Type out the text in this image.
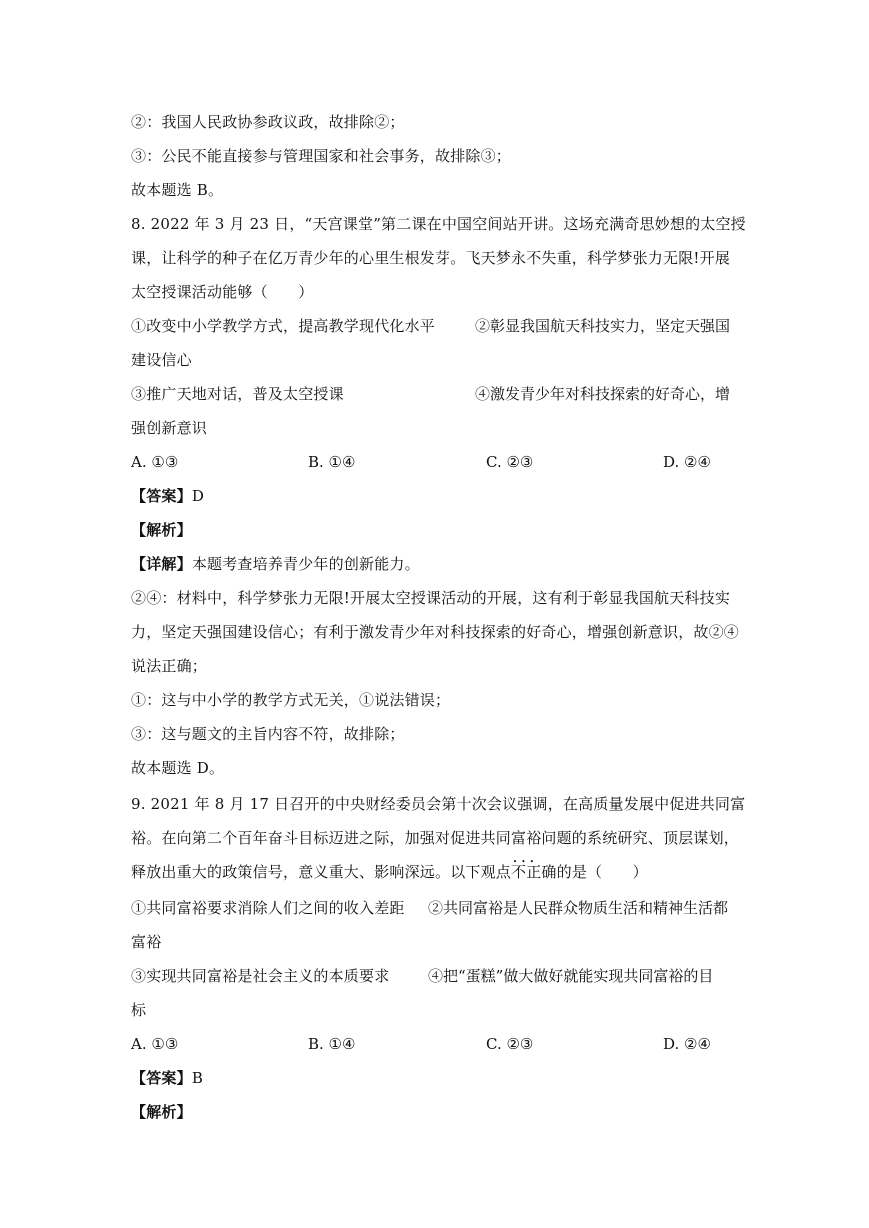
②：我国人民政协参政议政，故排除②；
③：公民不能直接参与管理国家和社会事务，故排除③；
故本题选 B。
8. 2022 年 3 月 23 日，“天宫课堂”第二课在中国空间站开讲。这场充满奇思妙想的太空授
课，让科学的种子在亿万青少年的心里生根发芽。飞天梦永不失重，科学梦张力无限!开展
太空授课活动能够（　　）
①改变中小学教学方式，提高教学现代化水平	②彰显我国航天科技实力，坚定天强国
建设信心
③推广天地对话，普及太空授课	④激发青少年对科技探索的好奇心，增
强创新意识
A. ①③	B. ①④	C. ②③	D. ②④
【答案】D
【解析】
【详解】本题考查培养青少年的创新能力。
②④：材料中，科学梦张力无限!开展太空授课活动的开展，这有利于彰显我国航天科技实
力，坚定天强国建设信心；有利于激发青少年对科技探索的好奇心，增强创新意识，故②④
说法正确；
①：这与中小学的教学方式无关，①说法错误；
③：这与题文的主旨内容不符，故排除；
故本题选 D。
9. 2021 年 8 月 17 日召开的中央财经委员会第十次会议强调，在高质量发展中促进共同富
裕。在向第二个百年奋斗目标迈进之际，加强对促进共同富裕问题的系统研究、顶层谋划，
释放出重大的政策信号，意义重大、影响深远。以下观点不正确 • • •的是（　　）
①共同富裕要求消除人们之间的收入差距 ②共同富裕是人民群众物质生活和精神生活都
富裕
③实现共同富裕是社会主义的本质要求	④把“蛋糕”做大做好就能实现共同富裕的目
标
A. ①③	B. ①④	C. ②③	D. ②④
【答案】B
【解析】
